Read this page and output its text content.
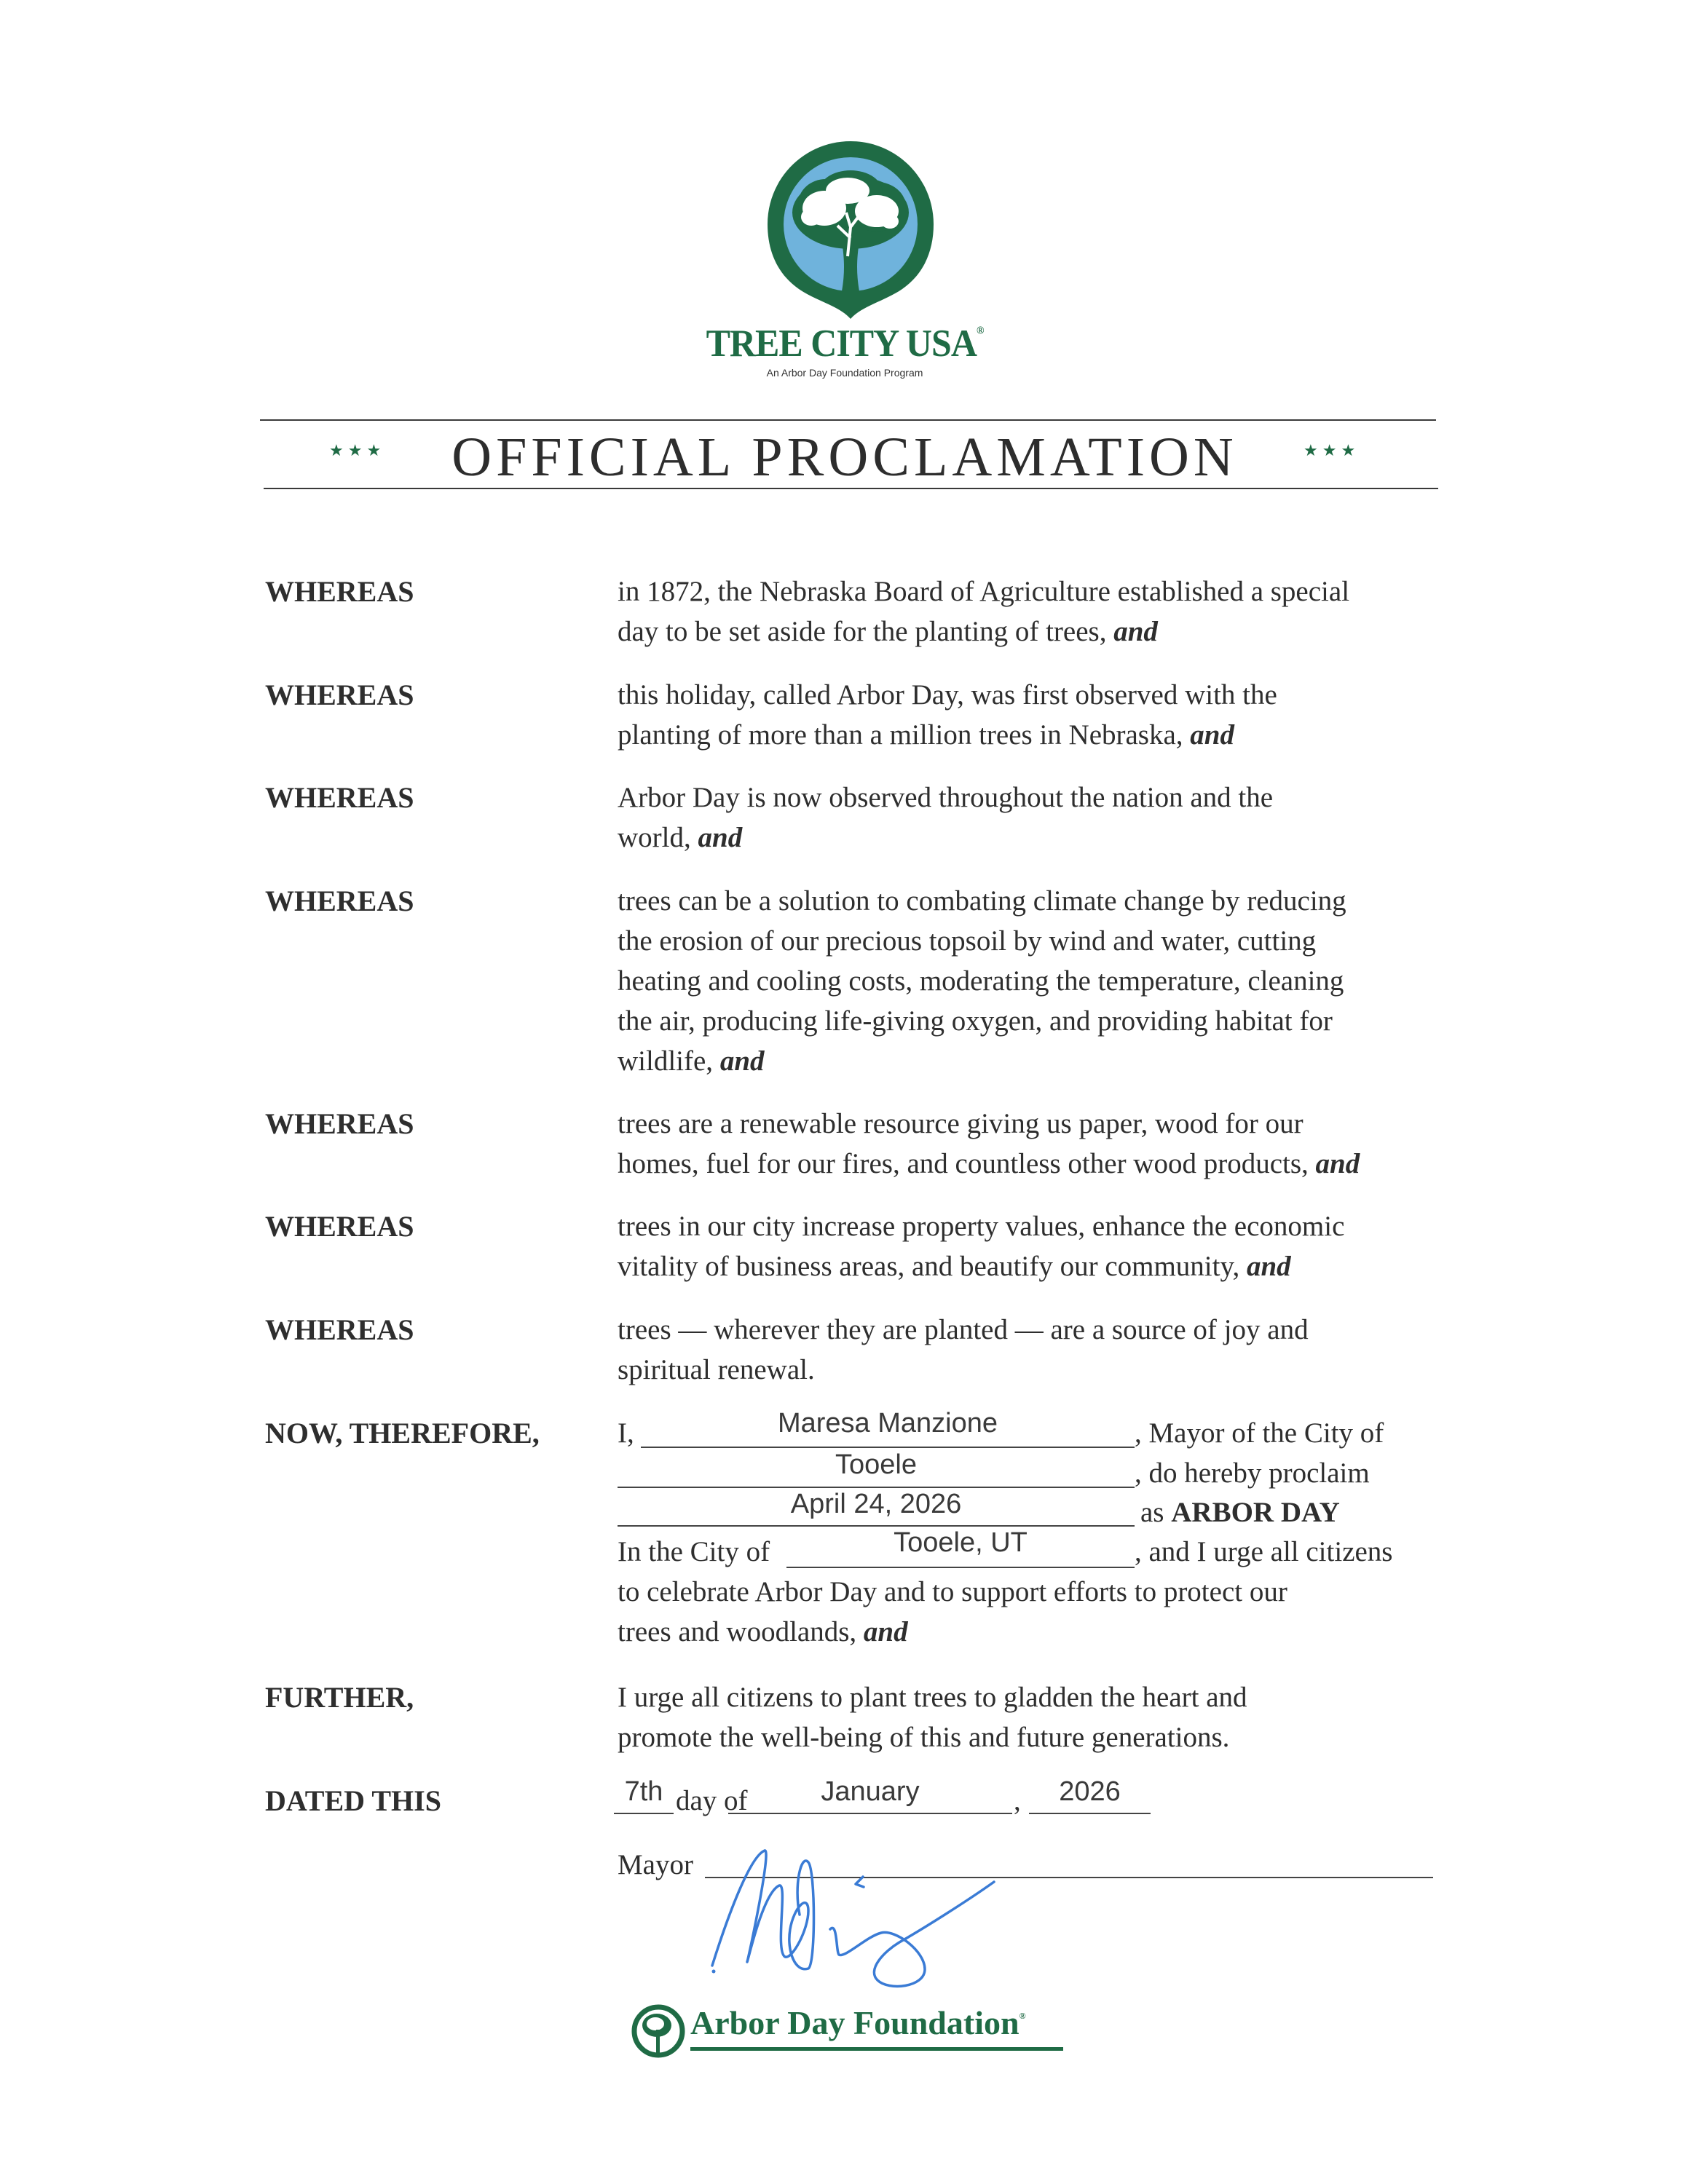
TREE CITY USA®
An Arbor Day Foundation Program
★★★	OFFICIAL PROCLAMATION	★★★
WHEREAS	in 1872, the Nebraska Board of Agriculture established a special
day to be set aside for the planting of trees, and
WHEREAS	this holiday, called Arbor Day, was first observed with the
planting of more than a million trees in Nebraska, and
WHEREAS	Arbor Day is now observed throughout the nation and the
world, and
WHEREAS	trees can be a solution to combating climate change by reducing
the erosion of our precious topsoil by wind and water, cutting
heating and cooling costs, moderating the temperature, cleaning
the air, producing life-giving oxygen, and providing habitat for
wildlife, and
WHEREAS	trees are a renewable resource giving us paper, wood for our
homes, fuel for our fires, and countless other wood products, and
WHEREAS	trees in our city increase property values, enhance the economic
vitality of business areas, and beautify our community, and
WHEREAS	trees — wherever they are planted — are a source of joy and
spiritual renewal.
NOW, THEREFORE,	I,	Maresa Manzione	, Mayor of the City of
Tooele	, do hereby proclaim
April 24, 2026	as ARBOR DAY
In the City of	Tooele, UT	, and I urge all citizens
to celebrate Arbor Day and to support efforts to protect our
trees and woodlands, and
FURTHER,	I urge all citizens to plant trees to gladden the heart and
promote the well-being of this and future generations.
DATED THIS	7th day of	January	,	2026
Mayor
Arbor Day Foundation®
